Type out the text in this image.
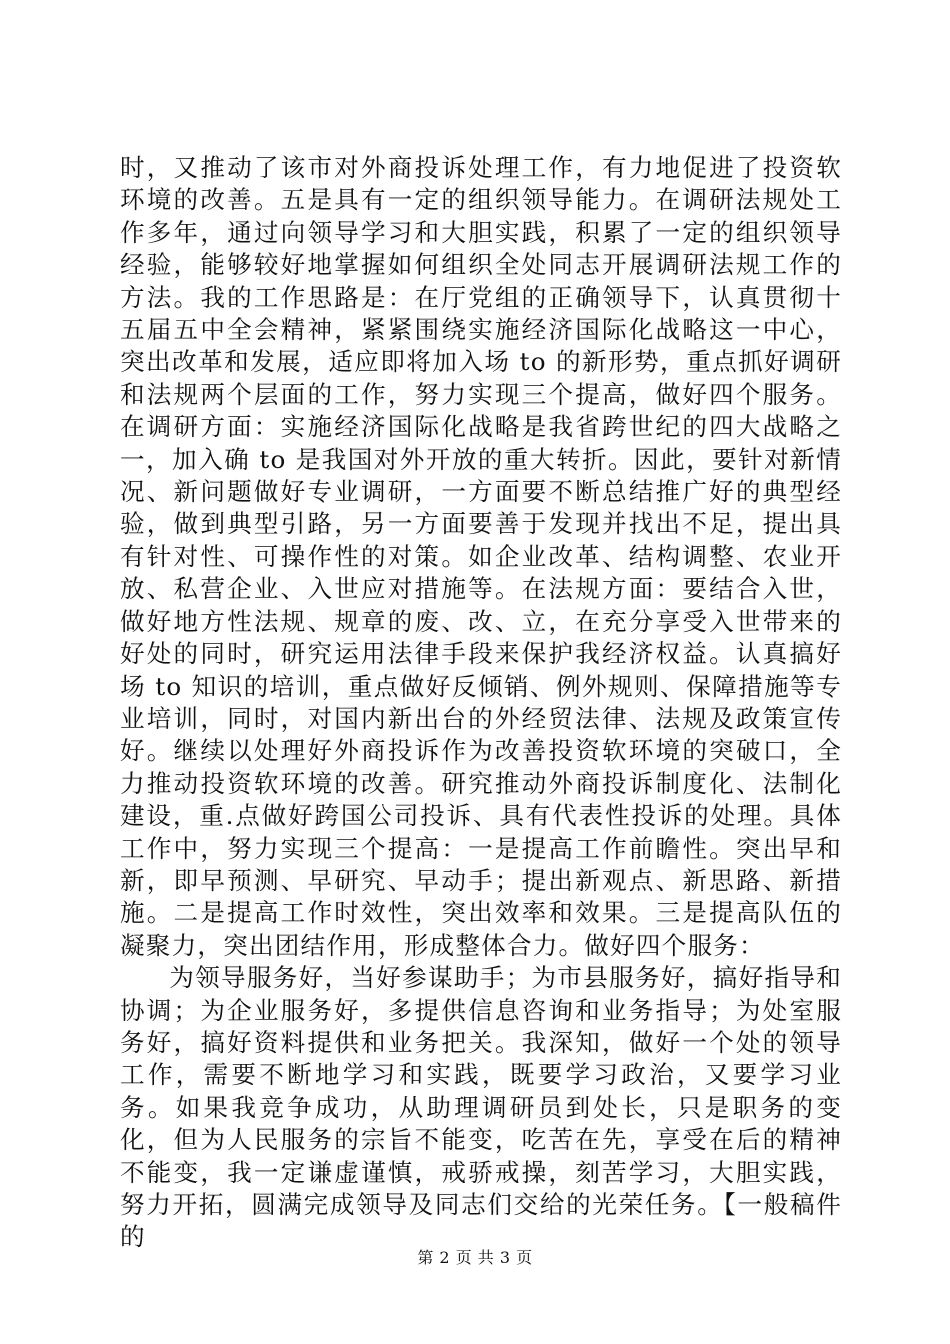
时，又推动了该市对外商投诉处理工作，有力地促进了投资软环境的改善。五是具有一定的组织领导能力。在调研法规处工作多年，通过向领导学习和大胆实践，积累了一定的组织领导经验，能够较好地掌握如何组织全处同志开展调研法规工作的方法。我的工作思路是：在厅党组的正确领导下，认真贯彻十五届五中全会精神，紧紧围绕实施经济国际化战略这一中心，突出改革和发展，适应即将加入场 to 的新形势，重点抓好调研和法规两个层面的工作，努力实现三个提高，做好四个服务。在调研方面：实施经济国际化战略是我省跨世纪的四大战略之一，加入确 to 是我国对外开放的重大转折。因此，要针对新情况、新问题做好专业调研，一方面要不断总结推广好的典型经验，做到典型引路，另一方面要善于发现并找出不足，提出具有针对性、可操作性的对策。如企业改革、结构调整、农业开放、私营企业、入世应对措施等。在法规方面：要结合入世，做好地方性法规、规章的废、改、立，在充分享受入世带来的好处的同时，研究运用法律手段来保护我经济权益。认真搞好场 to 知识的培训，重点做好反倾销、例外规则、保障措施等专业培训，同时，对国内新出台的外经贸法律、法规及政策宣传好。继续以处理好外商投诉作为改善投资软环境的突破口，全力推动投资软环境的改善。研究推动外商投诉制度化、法制化建设，重.点做好跨国公司投诉、具有代表性投诉的处理。具体工作中，努力实现三个提高：一是提高工作前瞻性。突出早和新，即早预测、早研究、早动手；提出新观点、新思路、新措施。二是提高工作时效性，突出效率和效果。三是提高队伍的凝聚力，突出团结作用，形成整体合力。做好四个服务：

为领导服务好，当好参谋助手；为市县服务好，搞好指导和协调；为企业服务好，多提供信息咨询和业务指导；为处室服务好，搞好资料提供和业务把关。我深知，做好一个处的领导工作，需要不断地学习和实践，既要学习政治，又要学习业务。如果我竞争成功，从助理调研员到处长，只是职务的变化，但为人民服务的宗旨不能变，吃苦在先，享受在后的精神不能变，我一定谦虚谨慎，戒骄戒操，刻苦学习，大胆实践，努力开拓，圆满完成领导及同志们交给的光荣任务。【一般稿件的

第 2 页 共 3 页
